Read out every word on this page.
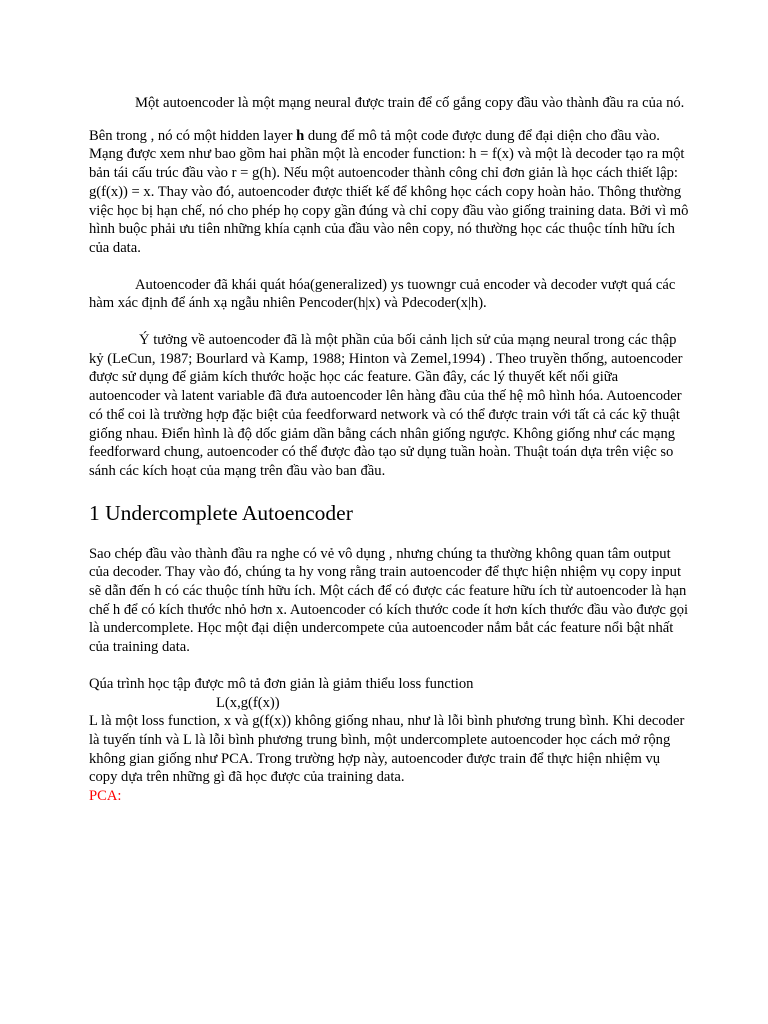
Một autoencoder là một mạng neural được train để cố gắng copy đầu vào thành đầu ra của nó.

Bên trong , nó có một hidden layer h dung để mô tả một code được dung để đại diện cho đầu vào. Mạng được xem như bao gồm hai phần một là encoder function: h = f(x) và một là decoder tạo ra một bản tái cấu trúc đầu vào r = g(h). Nếu một autoencoder thành công chỉ đơn giản là học cách thiết lập: g(f(x)) = x. Thay vào đó, autoencoder được thiết kế để không học cách copy hoàn hảo. Thông thường việc học bị hạn chế, nó cho phép họ copy gần đúng và chỉ copy đầu vào giống training data. Bởi vì mô hình buộc phải ưu tiên những khía cạnh của đầu vào nên copy, nó thường học các thuộc tính hữu ích của data.

Autoencoder đã khái quát hóa(generalized) ys tuowngr cuả encoder và decoder vượt quá các hàm xác định để ánh xạ ngẫu nhiên Pencoder(h|x) và Pdecoder(x|h).

Ý tưởng về autoencoder đã là một phần của bối cảnh lịch sử của mạng neural trong các thập kỷ (LeCun, 1987; Bourlard và Kamp, 1988; Hinton và Zemel,1994) . Theo truyền thống, autoencoder được sử dụng để giảm kích thước hoặc học các feature. Gần đây, các lý thuyết kết nối giữa autoencoder và latent variable đã đưa autoencoder lên hàng đầu của thế hệ mô hình hóa. Autoencoder có thể coi là trường hợp đặc biệt của feedforward network và có thể được train với tất cả các kỹ thuật giống nhau. Điển hình là độ dốc giảm dần bằng cách nhân giống ngược. Không giống như các mạng feedforward chung, autoencoder có thể được đào tạo sử dụng tuần hoàn. Thuật toán dựa trên việc so sánh các kích hoạt của mạng trên đầu vào ban đầu.

1 Undercomplete Autoencoder

Sao chép đầu vào thành đầu ra nghe có vẻ vô dụng , nhưng chúng ta thường không quan tâm output của decoder. Thay vào đó, chúng ta hy vong rằng train autoencoder để thực hiện nhiệm vụ copy input sẽ dẫn đến h có các thuộc tính hữu ích. Một cách để có được các feature hữu ích từ autoencoder là hạn chế h để có kích thước nhỏ hơn x. Autoencoder có kích thước code ít hơn kích thước đầu vào được gọi là undercomplete. Học một đại diện undercompete của autoencoder nắm bắt các feature nổi bật nhất của training data.

Qúa trình học tập được mô tả đơn giản là giảm thiểu loss function

L(x,g(f(x))

L là một loss function, x và g(f(x)) không giống nhau, như là lỗi bình phương trung bình. Khi decoder là tuyến tính và L là lỗi bình phương trung bình, một undercomplete autoencoder học cách mở rộng không gian giống như PCA. Trong trường hợp này, autoencoder được train để thực hiện nhiệm vụ copy dựa trên những gì đã học được của training data.

PCA:
